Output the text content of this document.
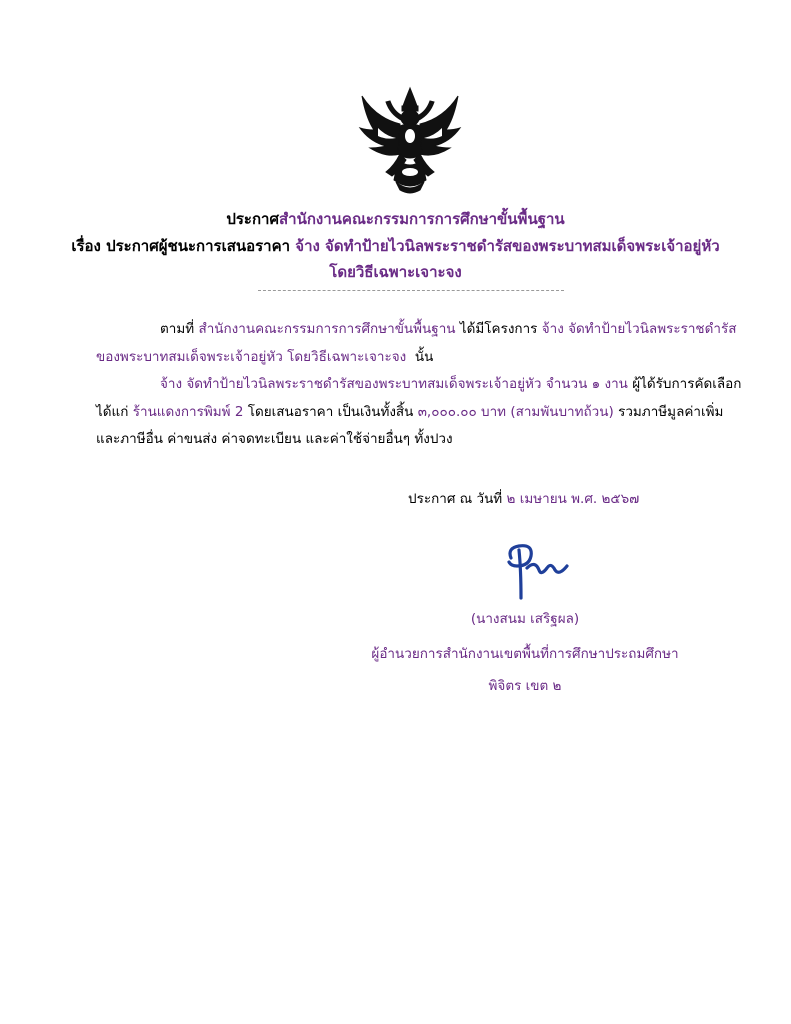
ประกาศสำนักงานคณะกรรมการการศึกษาขั้นพื้นฐาน
เรื่อง ประกาศผู้ชนะการเสนอราคา จ้าง จัดทำป้ายไวนิลพระราชดำรัสของพระบาทสมเด็จพระเจ้าอยู่หัว
โดยวิธีเฉพาะเจาะจง
ตามที่ สำนักงานคณะกรรมการการศึกษาขั้นพื้นฐาน ได้มีโครงการ จ้าง จัดทำป้ายไวนิลพระราชดำรัส
ของพระบาทสมเด็จพระเจ้าอยู่หัว โดยวิธีเฉพาะเจาะจง นั้น
จ้าง จัดทำป้ายไวนิลพระราชดำรัสของพระบาทสมเด็จพระเจ้าอยู่หัว จำนวน ๑ งาน ผู้ได้รับการคัดเลือก
ได้แก่ ร้านแดงการพิมพ์ 2 โดยเสนอราคา เป็นเงินทั้งสิ้น ๓,๐๐๐.๐๐ บาท (สามพันบาทถ้วน) รวมภาษีมูลค่าเพิ่ม
และภาษีอื่น ค่าขนส่ง ค่าจดทะเบียน และค่าใช้จ่ายอื่นๆ ทั้งปวง
ประกาศ ณ วันที่ ๒ เมษายน พ.ศ. ๒๕๖๗
(นางสนม เสริฐผล)
ผู้อำนวยการสำนักงานเขตพื้นที่การศึกษาประถมศึกษา
พิจิตร เขต ๒
